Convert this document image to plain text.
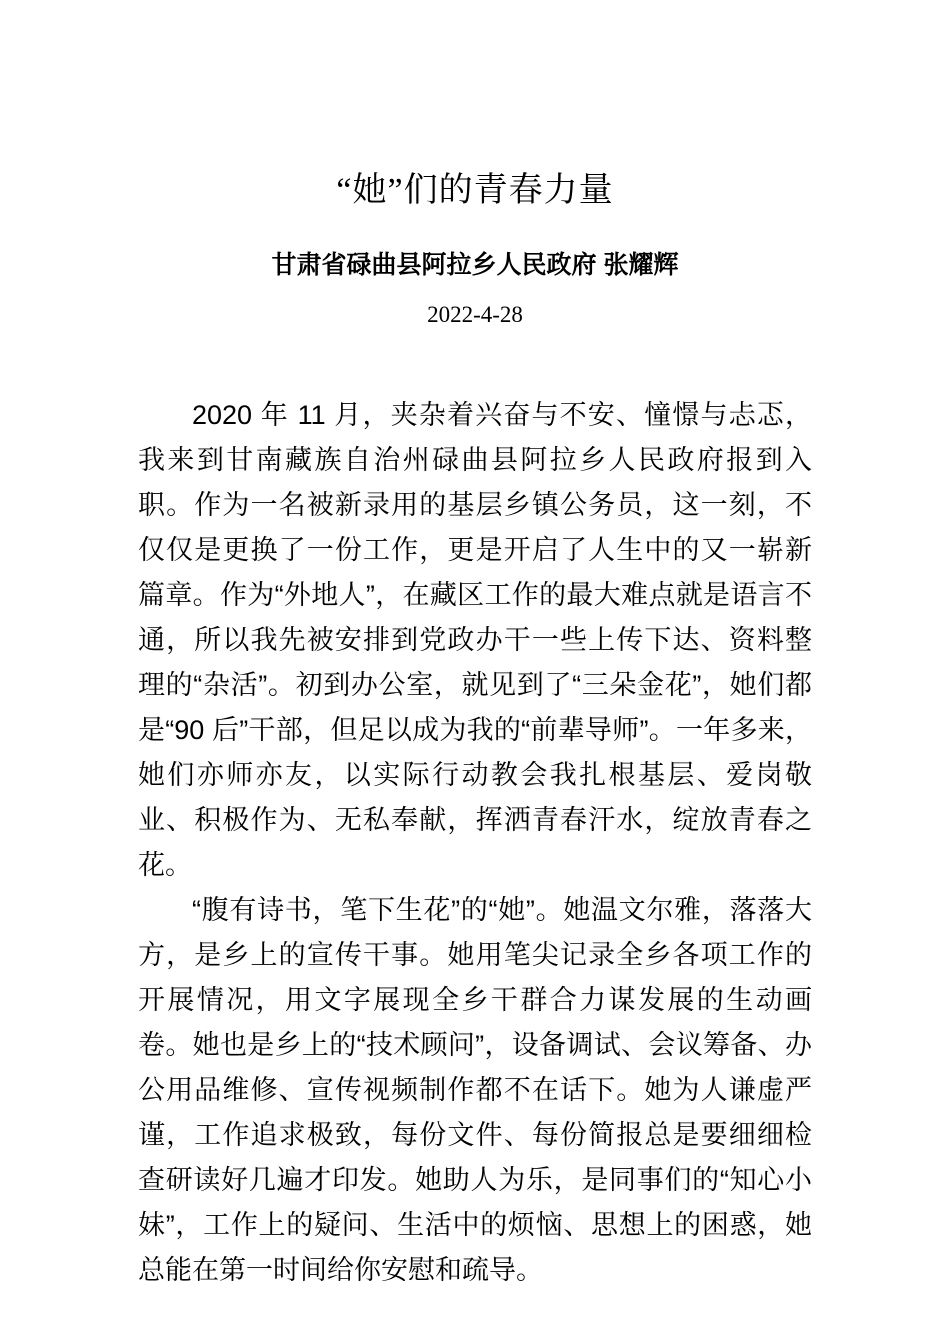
“她”们的青春力量
甘肃省碌曲县阿拉乡人民政府 张耀辉
2022-4-28

2020 年 11 月，夹杂着兴奋与不安、憧憬与忐忑，我来到甘南藏族自治州碌曲县阿拉乡人民政府报到入职。作为一名被新录用的基层乡镇公务员，这一刻，不仅仅是更换了一份工作，更是开启了人生中的又一崭新篇章。作为“外地人”，在藏区工作的最大难点就是语言不通，所以我先被安排到党政办干一些上传下达、资料整理的“杂活”。初到办公室，就见到了“三朵金花”，她们都是“90 后”干部，但足以成为我的“前辈导师”。一年多来，她们亦师亦友，以实际行动教会我扎根基层、爱岗敬业、积极作为、无私奉献，挥洒青春汗水，绽放青春之花。

“腹有诗书，笔下生花”的“她”。她温文尔雅，落落大方，是乡上的宣传干事。她用笔尖记录全乡各项工作的开展情况，用文字展现全乡干群合力谋发展的生动画卷。她也是乡上的“技术顾问”，设备调试、会议筹备、办公用品维修、宣传视频制作都不在话下。她为人谦虚严谨，工作追求极致，每份文件、每份简报总是要细细检查研读好几遍才印发。她助人为乐，是同事们的“知心小妹”，工作上的疑问、生活中的烦恼、思想上的困惑，她总能在第一时间给你安慰和疏导。
